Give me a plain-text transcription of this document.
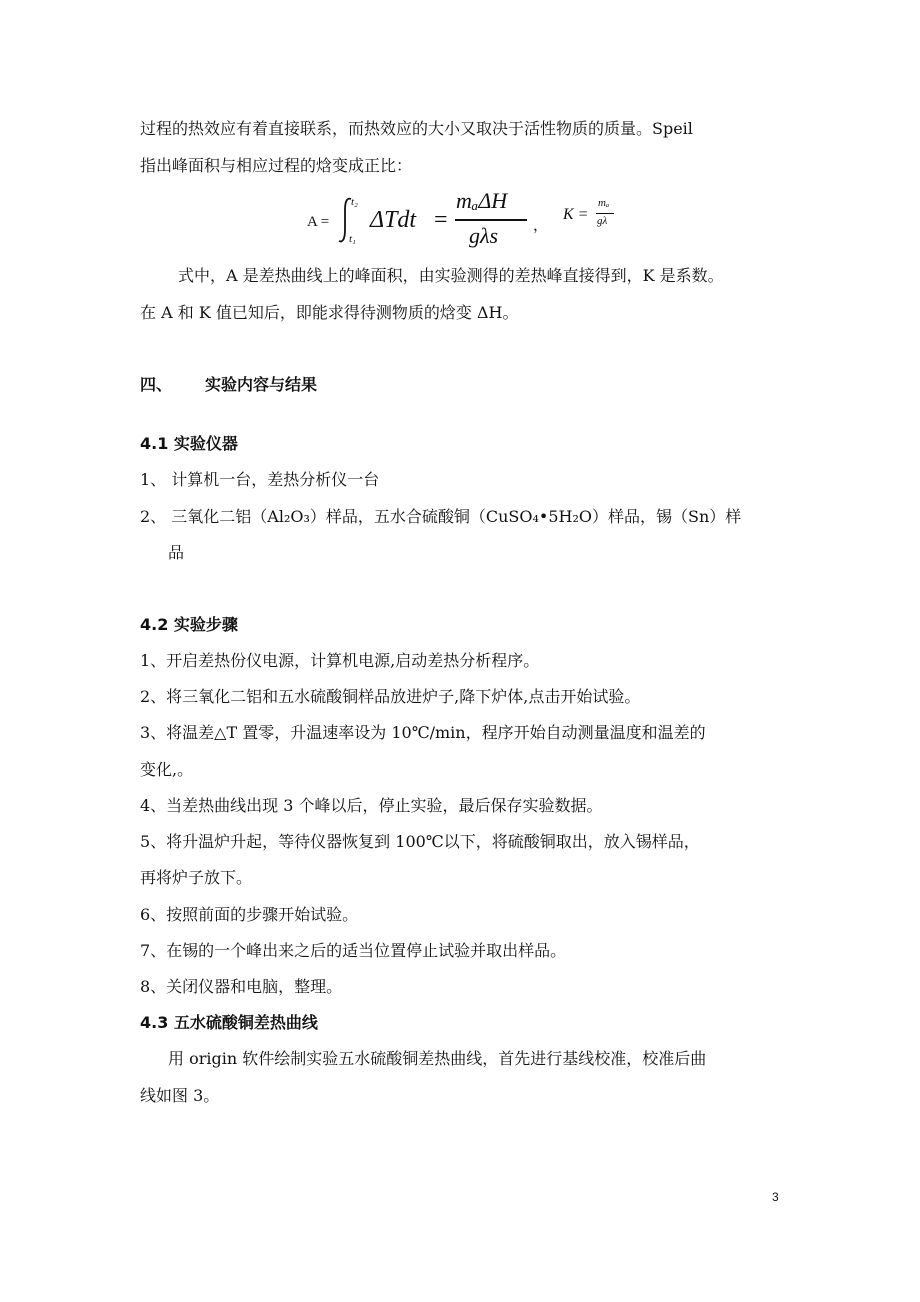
过程的热效应有着直接联系，而热效应的大小又取决于活性物质的质量。Speil
指出峰面积与相应过程的焓变成正比：
A =
t₂
t₁
ΔTdt =
mₐΔH
gλs ，
K =
mₐ
gλ
式中，A 是差热曲线上的峰面积，由实验测得的差热峰直接得到，K 是系数。
在 A 和 K 值已知后，即能求得待测物质的焓变 ΔH。
四、 实验内容与结果
4.1 实验仪器
1、 计算机一台，差热分析仪一台
2、 三氧化二铝（Al₂O₃）样品，五水合硫酸铜（CuSO₄•5H₂O）样品，锡（Sn）样
品
4.2 实验步骤
1、开启差热份仪电源，计算机电源,启动差热分析程序。
2、将三氧化二铝和五水硫酸铜样品放进炉子,降下炉体,点击开始试验。
3、将温差△T 置零，升温速率设为 10℃/min，程序开始自动测量温度和温差的
变化,。
4、当差热曲线出现 3 个峰以后，停止实验，最后保存实验数据。
5、将升温炉升起，等待仪器恢复到 100℃以下，将硫酸铜取出，放入锡样品，
再将炉子放下。
6、按照前面的步骤开始试验。
7、在锡的一个峰出来之后的适当位置停止试验并取出样品。
8、关闭仪器和电脑，整理。
4.3 五水硫酸铜差热曲线
用 origin 软件绘制实验五水硫酸铜差热曲线，首先进行基线校准，校准后曲
线如图 3。
3
